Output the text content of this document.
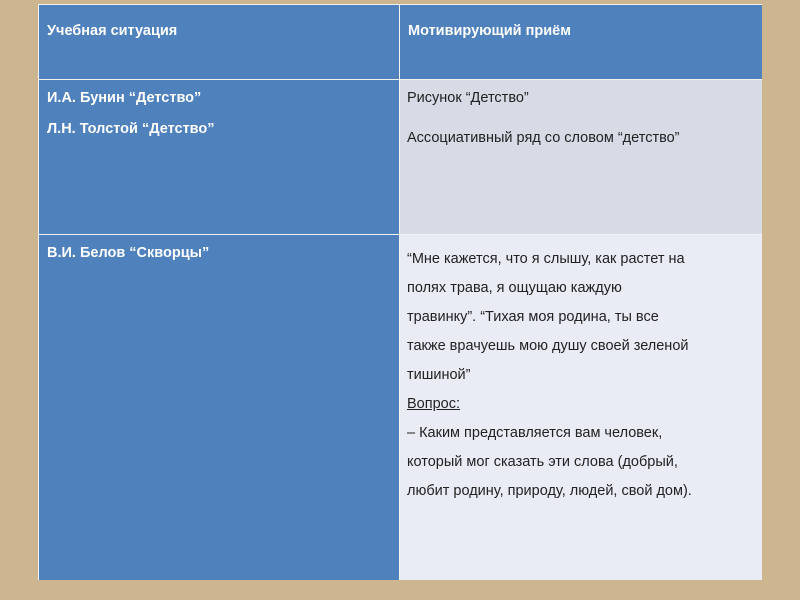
Учебная ситуация	Мотивирующий приём
И.А. Бунин “Детство”
Л.Н. Толстой “Детство”
Рисунок “Детство”
Ассоциативный ряд со словом “детство”
В.И. Белов “Скворцы”	“Мне кажется, что я слышу, как растет на
полях трава, я ощущаю каждую
травинку”. “Тихая моя родина, ты все
также врачуешь мою душу своей зеленой
тишиной”
Вопрос:
– Каким представляется вам человек,
который мог сказать эти слова (добрый,
любит родину, природу, людей, свой дом).
